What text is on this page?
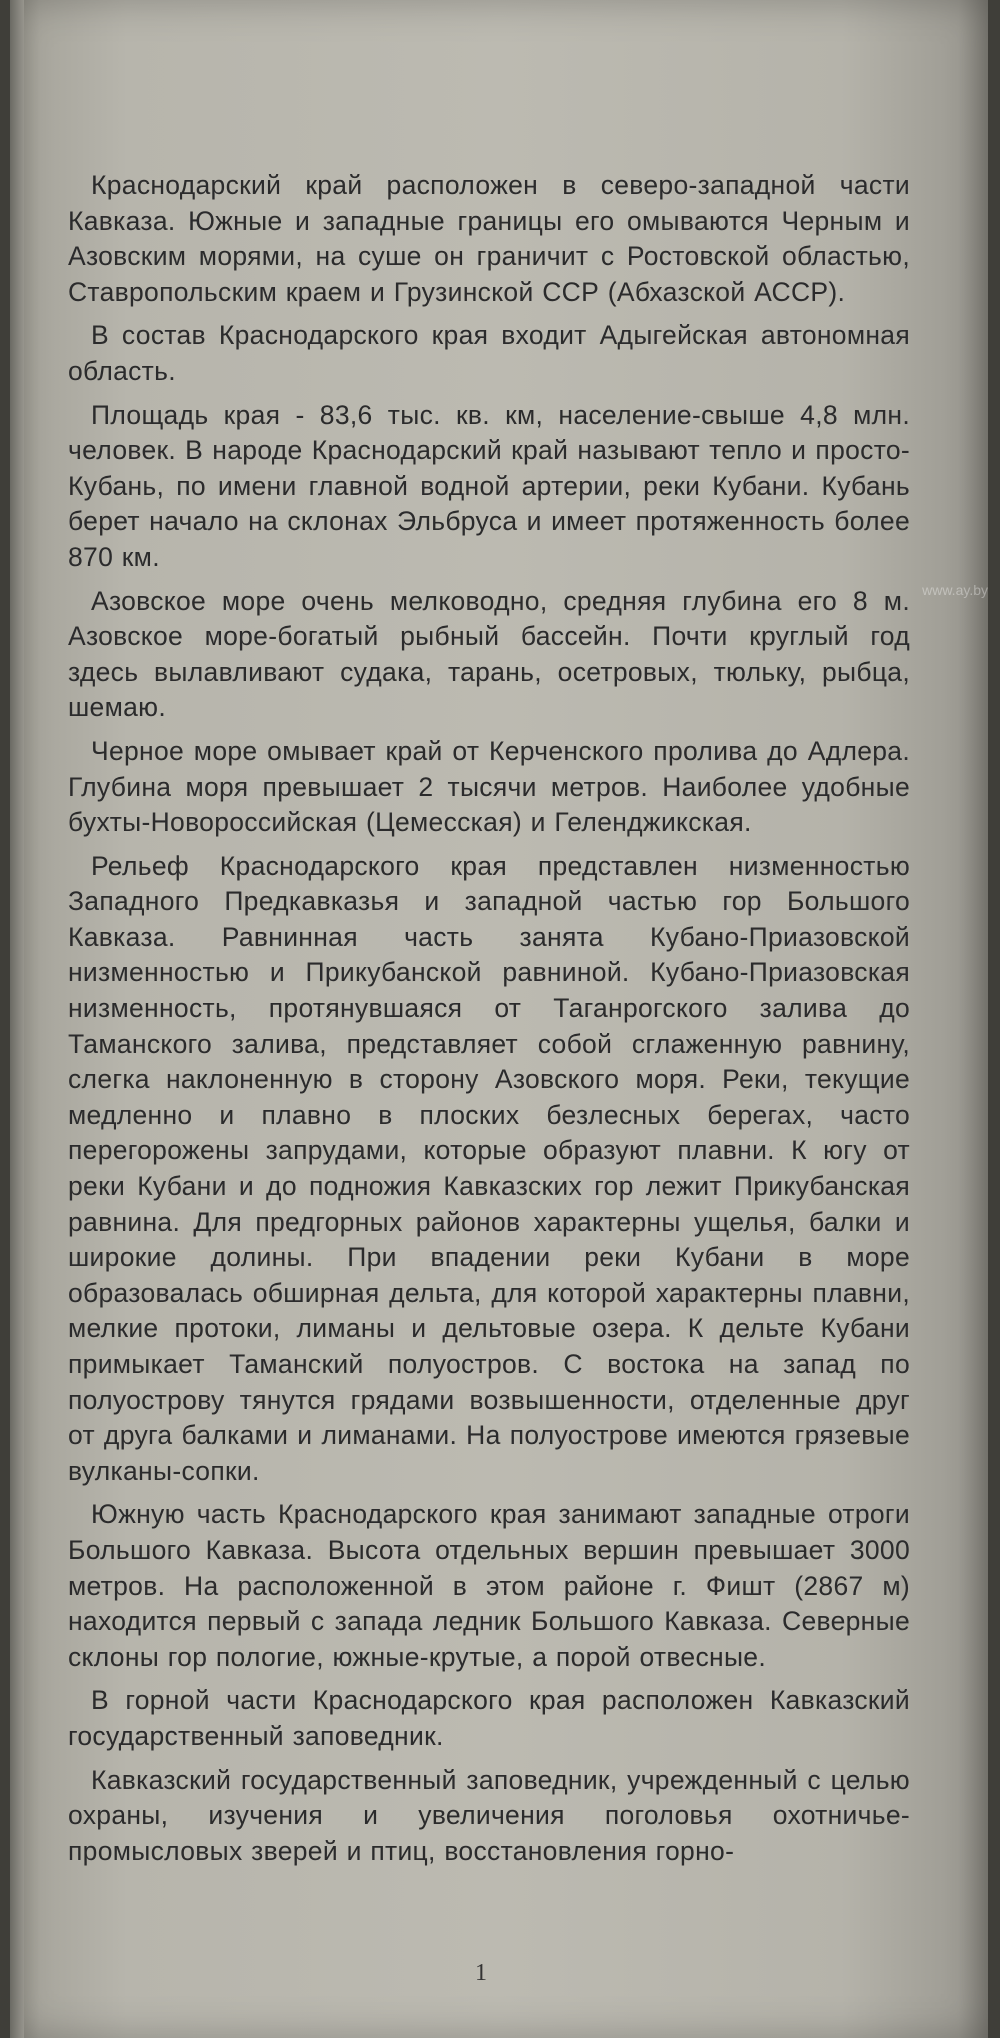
Краснодарский край расположен в северо-западной части Кавказа. Южные и западные границы его омываются Черным и Азовским морями, на суше он граничит с Ростовской областью, Ставропольским краем и Грузинской ССР (Абхазской АССР).

В состав Краснодарского края входит Адыгейская автономная область.

Площадь края - 83,6 тыс. кв. км, население-свыше 4,8 млн. человек. В народе Краснодарский край называют тепло и просто-Кубань, по имени главной водной артерии, реки Кубани. Кубань берет начало на склонах Эльбруса и имеет протяженность более 870 км.

Азовское море очень мелководно, средняя глубина его 8 м. Азовское море-богатый рыбный бассейн. Почти круглый год здесь вылавливают судака, тарань, осетровых, тюльку, рыбца, шемаю.

Черное море омывает край от Керченского пролива до Адлера. Глубина моря превышает 2 тысячи метров. Наиболее удобные бухты-Новороссийская (Цемесская) и Геленджикская.

Рельеф Краснодарского края представлен низменностью Западного Предкавказья и западной частью гор Большого Кавказа. Равнинная часть занята Кубано-Приазовской низменностью и Прикубанской равниной. Кубано-Приазовская низменность, протянувшаяся от Таганрогского залива до Таманского залива, представляет собой сглаженную равнину, слегка наклоненную в сторону Азовского моря. Реки, текущие медленно и плавно в плоских безлесных берегах, часто перегорожены запрудами, которые образуют плавни. К югу от реки Кубани и до подножия Кавказских гор лежит Прикубанская равнина. Для предгорных районов характерны ущелья, балки и широкие долины. При впадении реки Кубани в море образовалась обширная дельта, для которой характерны плавни, мелкие протоки, лиманы и дельтовые озера. К дельте Кубани примыкает Таманский полуостров. С востока на запад по полуострову тянутся грядами возвышенности, отделенные друг от друга балками и лиманами. На полуострове имеются грязевые вулканы-сопки.

Южную часть Краснодарского края занимают западные отроги Большого Кавказа. Высота отдельных вершин превышает 3000 метров. На расположенной в этом районе г. Фишт (2867 м) находится первый с запада ледник Большого Кавказа. Северные склоны гор пологие, южные-крутые, а порой отвесные.

В горной части Краснодарского края расположен Кавказский государственный заповедник.

Кавказский государственный заповедник, учрежденный с целью охраны, изучения и увеличения поголовья охотничье-промысловых зверей и птиц, восстановления горно-

1
www.ay.by
